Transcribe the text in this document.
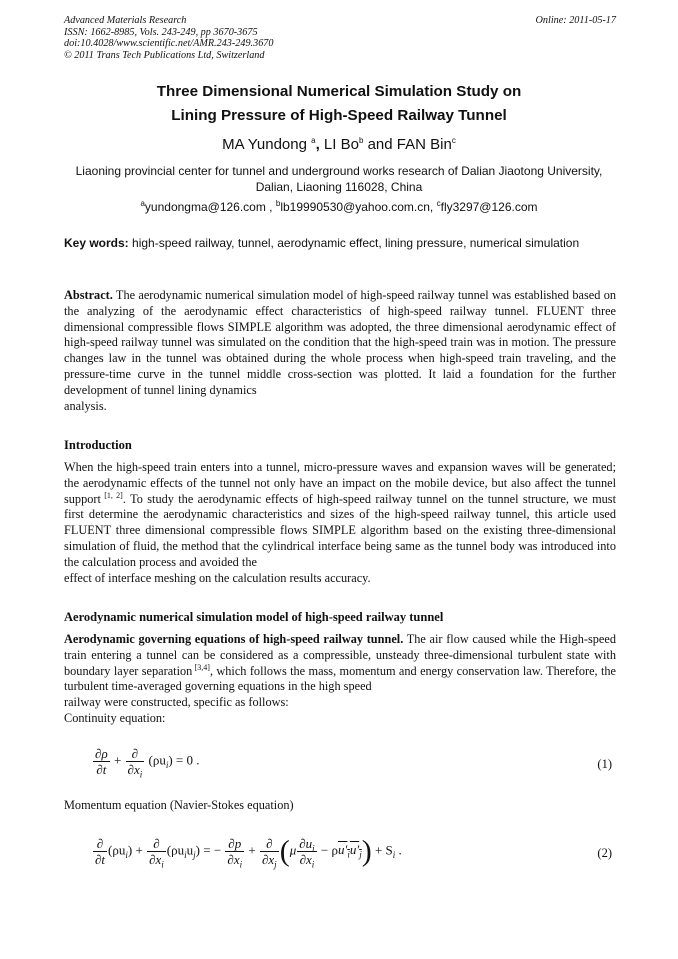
Advanced Materials Research
ISSN: 1662-8985, Vols. 243-249, pp 3670-3675
doi:10.4028/www.scientific.net/AMR.243-249.3670
© 2011 Trans Tech Publications Ltd, Switzerland
Online: 2011-05-17
Three Dimensional Numerical Simulation Study on
Lining Pressure of High-Speed Railway Tunnel
MA Yundong $^a$, LI Bo$^b$ and FAN Bin$^c$
Liaoning provincial center for tunnel and underground works research of Dalian Jiaotong University,
Dalian, Liaoning 116028, China
$^a$yundongma@126.com , $^b$lb19990530@yahoo.com.cn, $^c$fly3297@126.com
Key words: high-speed railway, tunnel, aerodynamic effect, lining pressure, numerical simulation
Abstract. The aerodynamic numerical simulation model of high-speed railway tunnel was established based on the analyzing of the aerodynamic effect characteristics of high-speed railway tunnel. FLUENT three dimensional compressible flows SIMPLE algorithm was adopted, the three dimensional aerodynamic effect of high-speed railway tunnel was simulated on the condition that the high-speed train was in motion. The pressure changes law in the tunnel was obtained during the whole process when high-speed train traveling, and the pressure-time curve in the tunnel middle cross-section was plotted. It laid a foundation for the further development of tunnel lining dynamics
analysis.
Introduction
When the high-speed train enters into a tunnel, micro-pressure waves and expansion waves will be generated; the aerodynamic effects of the tunnel not only have an impact on the mobile device, but also affect the tunnel support [1, 2]. To study the aerodynamic effects of high-speed railway tunnel on the tunnel structure, we must first determine the aerodynamic characteristics and sizes of the high-speed railway tunnel, this article used FLUENT three dimensional compressible flows SIMPLE algorithm based on the existing three-dimensional simulation of fluid, the method that the cylindrical interface being same as the tunnel body was introduced into the calculation process and avoided the
effect of interface meshing on the calculation results accuracy.
Aerodynamic numerical simulation model of high-speed railway tunnel
Aerodynamic governing equations of high-speed railway tunnel. The air flow caused while the High-speed train entering a tunnel can be considered as a compressible, unsteady three-dimensional turbulent state with boundary layer separation [3,4], which follows the mass, momentum and energy conservation law. Therefore, the turbulent time-averaged governing equations in the high speed
railway were constructed, specific as follows:
Continuity equation:
$\frac{\partial\rho}{\partial t} + \frac{\partial}{\partial x_i} (\rho u_i) = 0$ .	(1)
Momentum equation (Navier-Stokes equation)
$\frac{\partial}{\partial t} (\rho u_i) + \frac{\partial}{\partial x_i} (\rho u_iu_j)$ = − $\frac{\partial p}{\partial x_i} + \frac{\partial}{\partial x_j} (\mu \frac{\partial u_i}{\partial x_i} - \rho u'_iu'_j) + S_i$ .	(2)
